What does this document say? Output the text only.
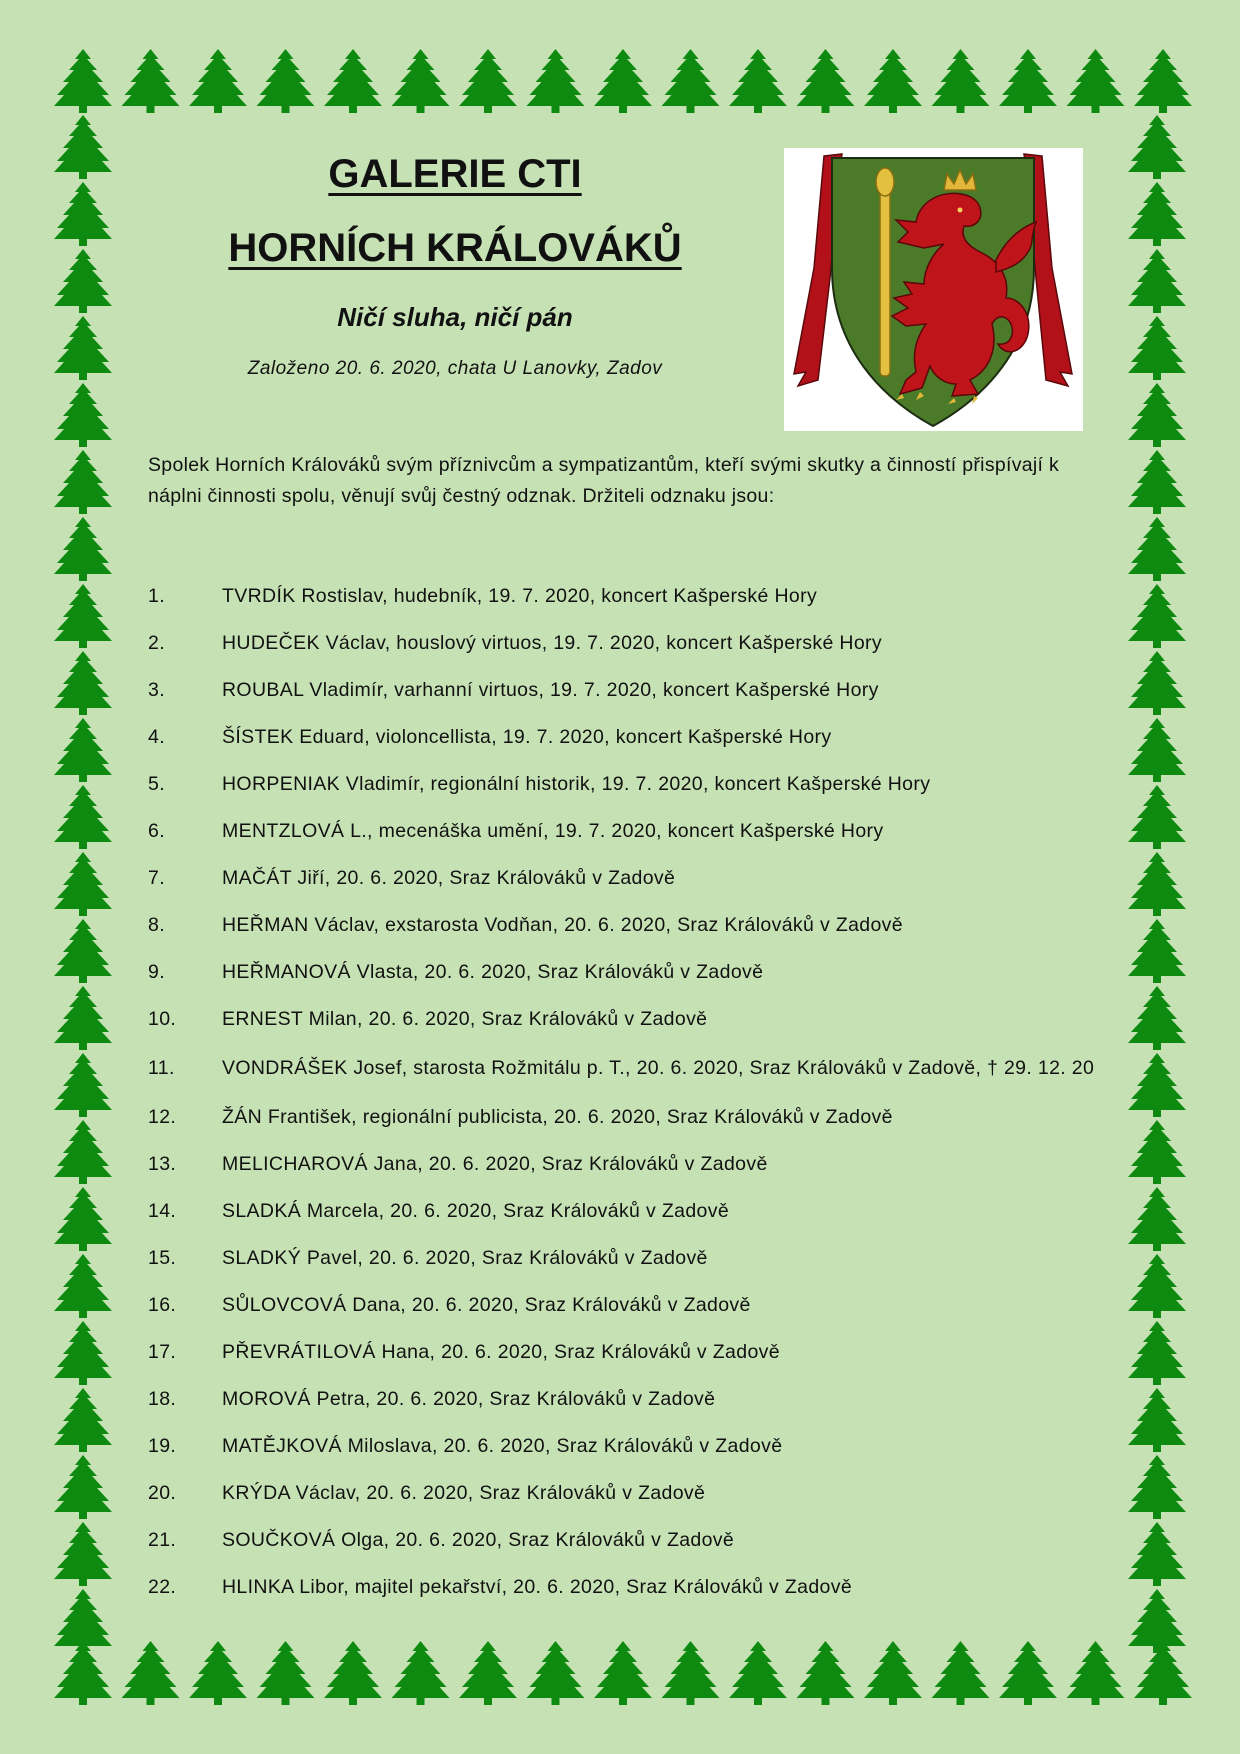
GALERIE CTI
HORNÍCH KRÁLOVÁKŮ
Ničí sluha, ničí pán
Založeno 20. 6. 2020, chata U Lanovky, Zadov

Spolek Horních Králováků svým příznivcům a sympatizantům, kteří svými skutky a činností přispívají k náplni činnosti spolu, věnují svůj čestný odznak. Držiteli odznaku jsou:

1.	TVRDÍK Rostislav, hudebník, 19. 7. 2020, koncert Kašperské Hory
2.	HUDEČEK Václav, houslový virtuos, 19. 7. 2020, koncert Kašperské Hory
3.	ROUBAL Vladimír, varhanní virtuos, 19. 7. 2020, koncert Kašperské Hory
4.	ŠÍSTEK Eduard, violoncellista, 19. 7. 2020, koncert Kašperské Hory
5.	HORPENIAK Vladimír, regionální historik, 19. 7. 2020, koncert Kašperské Hory
6.	MENTZLOVÁ L., mecenáška umění, 19. 7. 2020, koncert Kašperské Hory
7.	MAČÁT Jiří, 20. 6. 2020, Sraz Králováků v Zadově
8.	HEŘMAN Václav, exstarosta Vodňan, 20. 6. 2020, Sraz Králováků v Zadově
9.	HEŘMANOVÁ Vlasta, 20. 6. 2020, Sraz Králováků v Zadově
10. ERNEST Milan, 20. 6. 2020, Sraz Králováků v Zadově
11. VONDRÁŠEK Josef, starosta Rožmitálu p. T., 20. 6. 2020, Sraz Králováků v Zadově, † 29. 12. 20
12. ŽÁN František, regionální publicista, 20. 6. 2020, Sraz Králováků v Zadově
13. MELICHAROVÁ Jana, 20. 6. 2020, Sraz Králováků v Zadově
14. SLADKÁ Marcela, 20. 6. 2020, Sraz Králováků v Zadově
15. SLADKÝ Pavel, 20. 6. 2020, Sraz Králováků v Zadově
16. SŮLOVCOVÁ Dana, 20. 6. 2020, Sraz Králováků v Zadově
17. PŘEVRÁTILOVÁ Hana, 20. 6. 2020, Sraz Králováků v Zadově
18. MOROVÁ Petra, 20. 6. 2020, Sraz Králováků v Zadově
19. MATĚJKOVÁ Miloslava, 20. 6. 2020, Sraz Králováků v Zadově
20. KRÝDA Václav, 20. 6. 2020, Sraz Králováků v Zadově
21. SOUČKOVÁ Olga, 20. 6. 2020, Sraz Králováků v Zadově
22. HLINKA Libor, majitel pekařství, 20. 6. 2020, Sraz Králováků v Zadově
